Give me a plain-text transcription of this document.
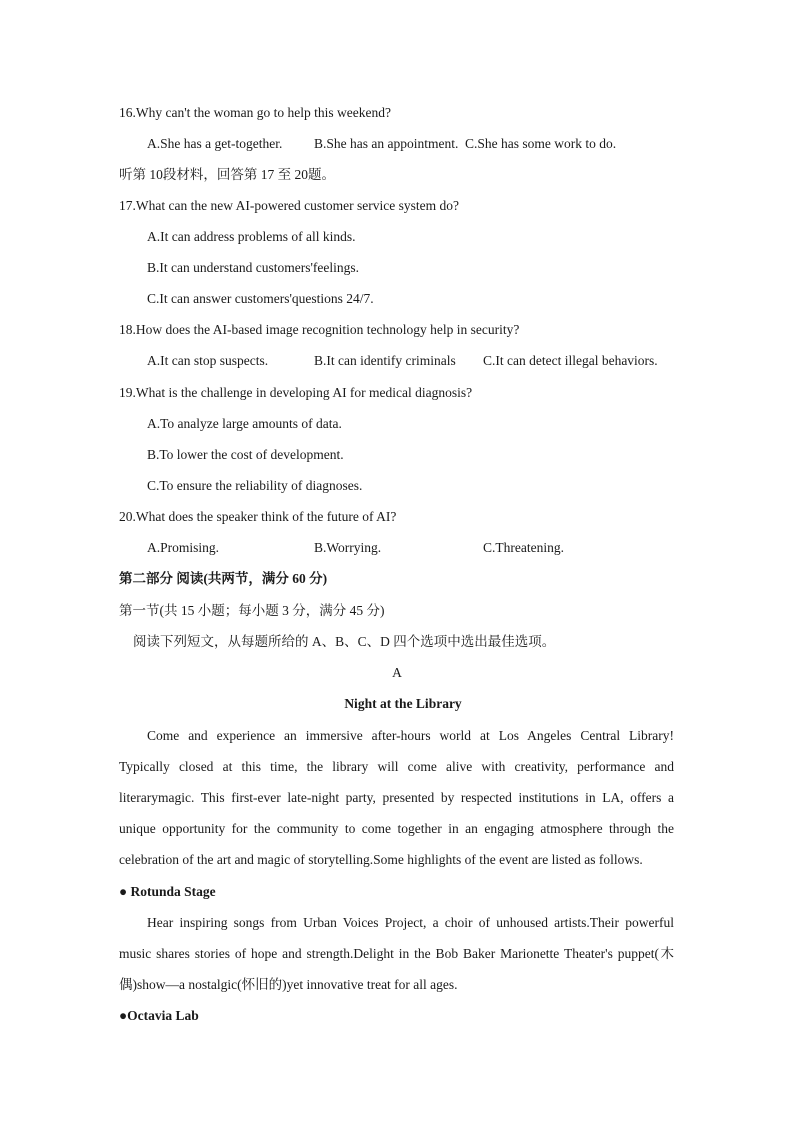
16.Why can't the woman go to help this weekend?
A.She has a get-together. B.She has an appointment. C.She has some work to do.
听第 10段材料，回答第 17 至 20题。
17.What can the new AI-powered customer service system do?
A.It can address problems of all kinds.
B.It can understand customers'feelings.
C.It can answer customers'questions 24/7.
18.How does the AI-based image recognition technology help in security?
A.It can stop suspects.	B.It can identify criminals C.It can detect illegal behaviors.
19.What is the challenge in developing AI for medical diagnosis?
A.To analyze large amounts of data.
B.To lower the cost of development.
C.To ensure the reliability of diagnoses.
20.What does the speaker think of the future of AI?
A.Promising.	B.Worrying.	C.Threatening.
第二部分 阅读(共两节，满分 60 分)
第一节(共 15 小题；每小题 3 分，满分 45 分)
阅读下列短文，从每题所给的 A、B、C、D 四个选项中选出最佳选项。
A
Night at the Library
Come and experience an immersive after-hours world at Los Angeles Central Library!
Typically closed at this time, the library will come alive with creativity, performance and
literarymagic. This first-ever late-night party, presented by respected institutions in LA, offers a
unique opportunity for the community to come together in an engaging atmosphere through the
celebration of the art and magic of storytelling.Some highlights of the event are listed as follows.
● Rotunda Stage
Hear inspiring songs from Urban Voices Project, a choir of unhoused artists.Their powerful
music shares stories of hope and strength.Delight in the Bob Baker Marionette Theater's puppet(木
偶)show—a nostalgic(怀旧的)yet innovative treat for all ages.
●Octavia Lab
